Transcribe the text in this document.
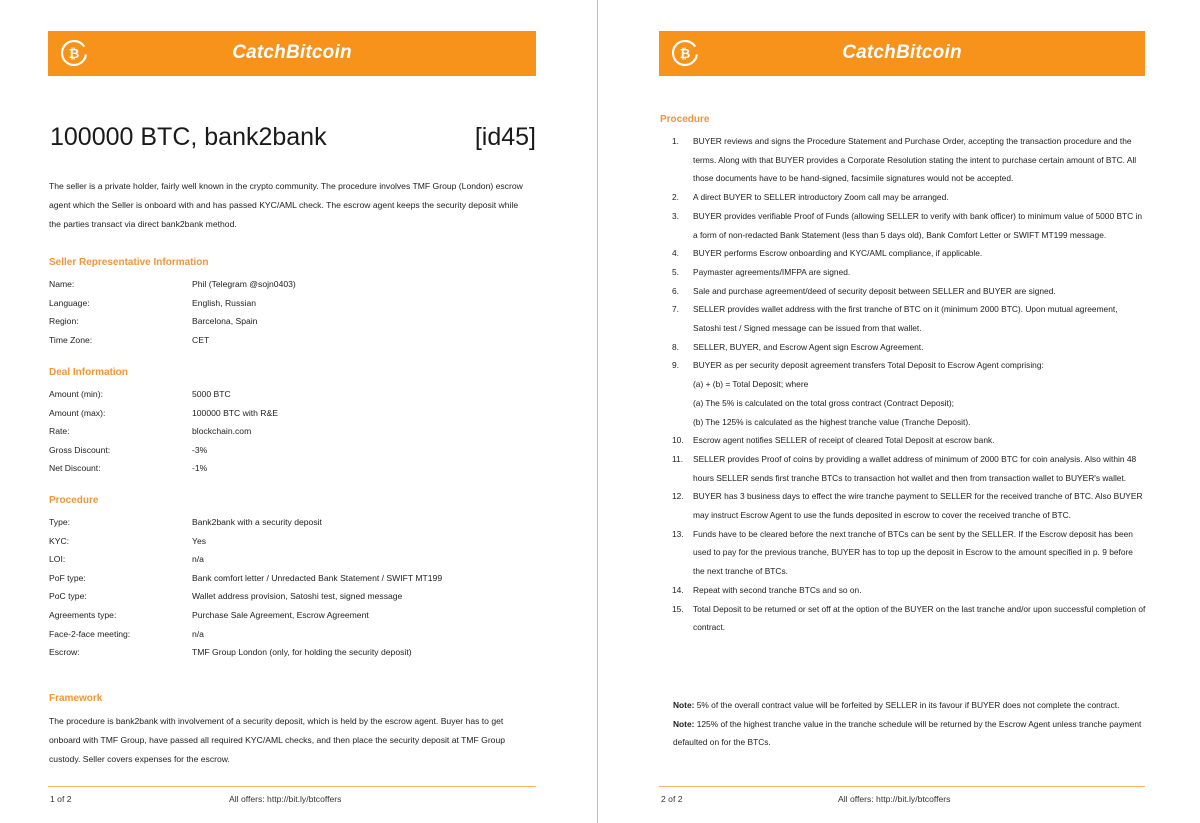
₿	CatchBitcoin
100000 BTC, bank2bank	[id45]
The seller is a private holder, fairly well known in the crypto community. The procedure involves TMF Group (London) escrow agent which the Seller is onboard with and has passed KYC/AML check. The escrow agent keeps the security deposit while the parties transact via direct bank2bank method.
Seller Representative Information
Name:	Phil (Telegram @sojn0403)
Language:	English, Russian
Region:	Barcelona, Spain
Time Zone:	CET
Deal Information
Amount (min):	5000 BTC
Amount (max):	100000 BTC with R&E
Rate:	blockchain.com
Gross Discount:	-3%
Net Discount:	-1%
Procedure
Type:	Bank2bank with a security deposit
KYC:	Yes
LOI:	n/a
PoF type:	Bank comfort letter / Unredacted Bank Statement / SWIFT MT199
PoC type:	Wallet address provision, Satoshi test, signed message
Agreements type:	Purchase Sale Agreement, Escrow Agreement
Face-2-face meeting:	n/a
Escrow:	TMF Group London (only, for holding the security deposit)
Framework
The procedure is bank2bank with involvement of a security deposit, which is held by the escrow agent. Buyer has to get onboard with TMF Group, have passed all required KYC/AML checks, and then place the security deposit at TMF Group custody. Seller covers expenses for the escrow.
1 of 2	All offers: http://bit.ly/btcoffers
₿	CatchBitcoin
2 of 2	All offers: http://bit.ly/btcoffers
Procedure
1.	BUYER reviews and signs the Procedure Statement and Purchase Order, accepting the transaction procedure and the terms. Along with that BUYER provides a Corporate Resolution stating the intent to purchase certain amount of BTC. All those documents have to be hand-signed, facsimile signatures would not be accepted.
2.	A direct BUYER to SELLER introductory Zoom call may be arranged.
3.	BUYER provides verifiable Proof of Funds (allowing SELLER to verify with bank officer) to minimum value of 5000 BTC in a form of non-redacted Bank Statement (less than 5 days old), Bank Comfort Letter or SWIFT MT199 message.
4.	BUYER performs Escrow onboarding and KYC/AML compliance, if applicable.
5.	Paymaster agreements/IMFPA are signed.
6.	Sale and purchase agreement/deed of security deposit between SELLER and BUYER are signed.
7.	SELLER provides wallet address with the first tranche of BTC on it (minimum 2000 BTC). Upon mutual agreement, Satoshi test / Signed message can be issued from that wallet.
8.	SELLER, BUYER, and Escrow Agent sign Escrow Agreement.
9.	BUYER as per security deposit agreement transfers Total Deposit to Escrow Agent comprising:
(a) + (b) = Total Deposit; where
(a) The 5% is calculated on the total gross contract (Contract Deposit);
(b) The 125% is calculated as the highest tranche value (Tranche Deposit).
10.	Escrow agent notifies SELLER of receipt of cleared Total Deposit at escrow bank.
11.	SELLER provides Proof of coins by providing a wallet address of minimum of 2000 BTC for coin analysis. Also within 48 hours SELLER sends first tranche BTCs to transaction hot wallet and then from transaction wallet to BUYER's wallet.
12.	BUYER has 3 business days to effect the wire tranche payment to SELLER for the received tranche of BTC. Also BUYER may instruct Escrow Agent to use the funds deposited in escrow to cover the received tranche of BTC.
13.	Funds have to be cleared before the next tranche of BTCs can be sent by the SELLER. If the Escrow deposit has been used to pay for the previous tranche, BUYER has to top up the deposit in Escrow to the amount specified in p. 9 before the next tranche of BTCs.
14.	Repeat with second tranche BTCs and so on.
15.	Total Deposit to be returned or set off at the option of the BUYER on the last tranche and/or upon successful completion of contract.

Note: 5% of the overall contract value will be forfeited by SELLER in its favour if BUYER does not complete the contract.

Note: 125% of the highest tranche value in the tranche schedule will be returned by the Escrow Agent unless tranche payment defaulted on for the BTCs.
